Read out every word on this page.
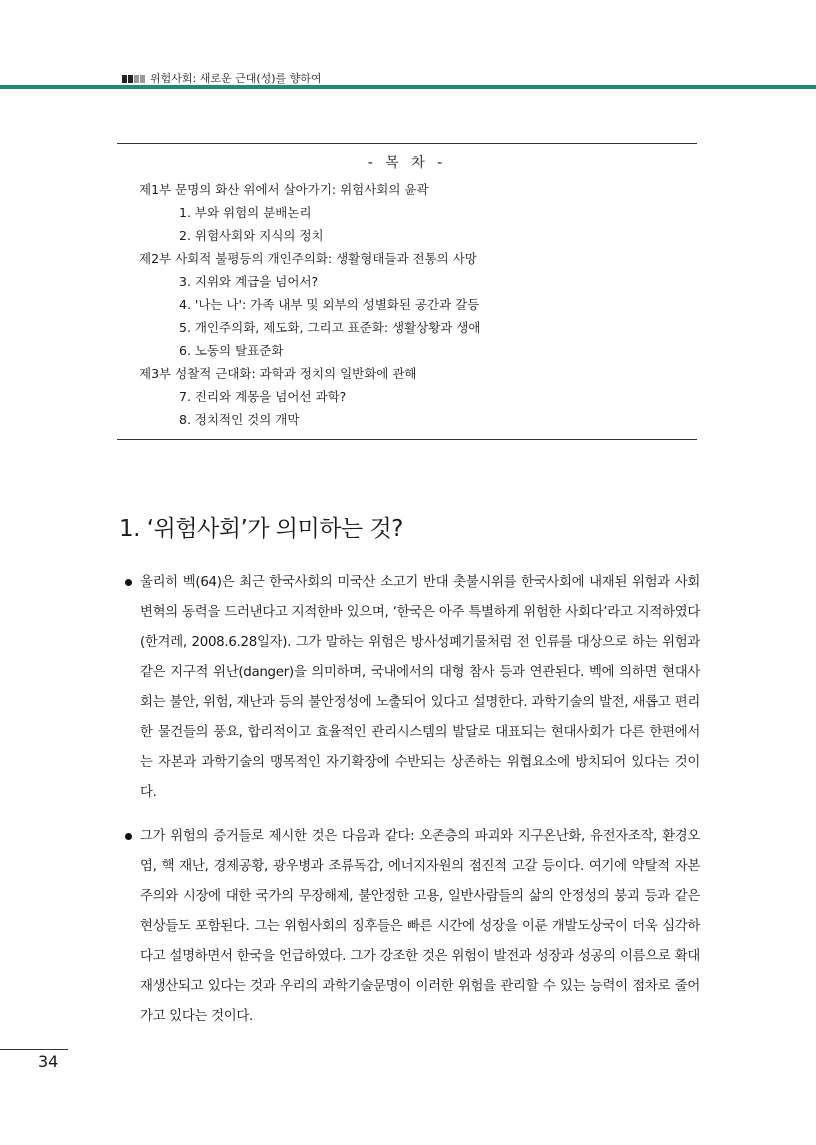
위험사회: 새로운 근대(성)를 향하여
- 목 차 -
제1부 문명의 화산 위에서 살아가기: 위험사회의 윤곽
1. 부와 위험의 분배논리
2. 위험사회와 지식의 정치
제2부 사회적 불평등의 개인주의화: 생활형태들과 전통의 사망
3. 지위와 계급을 넘어서?
4. '나는 나': 가족 내부 및 외부의 성별화된 공간과 갈등
5. 개인주의화, 제도화, 그리고 표준화: 생활상황과 생애
6. 노동의 탈표준화
제3부 성찰적 근대화: 과학과 정치의 일반화에 관해
7. 진리와 계몽을 넘어선 과학?
8. 정치적인 것의 개막
1. ‘위험사회’가 의미하는 것?
울리히 벡(64)은 최근 한국사회의 미국산 소고기 반대 촛불시위를 한국사회에 내재된 위험과 사회변혁의 동력을 드러낸다고 지적한바 있으며, ‘한국은 아주 특별하게 위험한 사회다’라고 지적하였다(한겨레, 2008.6.28일자). 그가 말하는 위험은 방사성폐기물처럼 전 인류를 대상으로 하는 위험과 같은 지구적 위난(danger)을 의미하며, 국내에서의 대형 참사 등과 연관된다. 벡에 의하면 현대사회는 불안, 위험, 재난과 등의 불안정성에 노출되어 있다고 설명한다. 과학기술의 발전, 새롭고 편리한 물건들의 풍요, 합리적이고 효율적인 관리시스템의 발달로 대표되는 현대사회가 다른 한편에서는 자본과 과학기술의 맹목적인 자기확장에 수반되는 상존하는 위협요소에 방치되어 있다는 것이다.
그가 위험의 증거들로 제시한 것은 다음과 같다: 오존층의 파괴와 지구온난화, 유전자조작, 환경오염, 핵 재난, 경제공황, 광우병과 조류독감, 에너지자원의 점진적 고갈 등이다. 여기에 약탈적 자본주의와 시장에 대한 국가의 무장해제, 불안정한 고용, 일반사람들의 삶의 안정성의 붕괴 등과 같은 현상들도 포함된다. 그는 위험사회의 징후들은 빠른 시간에 성장을 이룬 개발도상국이 더욱 심각하다고 설명하면서 한국을 언급하였다. 그가 강조한 것은 위험이 발전과 성장과 성공의 이름으로 확대 재생산되고 있다는 것과 우리의 과학기술문명이 이러한 위험을 관리할 수 있는 능력이 점차로 줄어가고 있다는 것이다.
34
